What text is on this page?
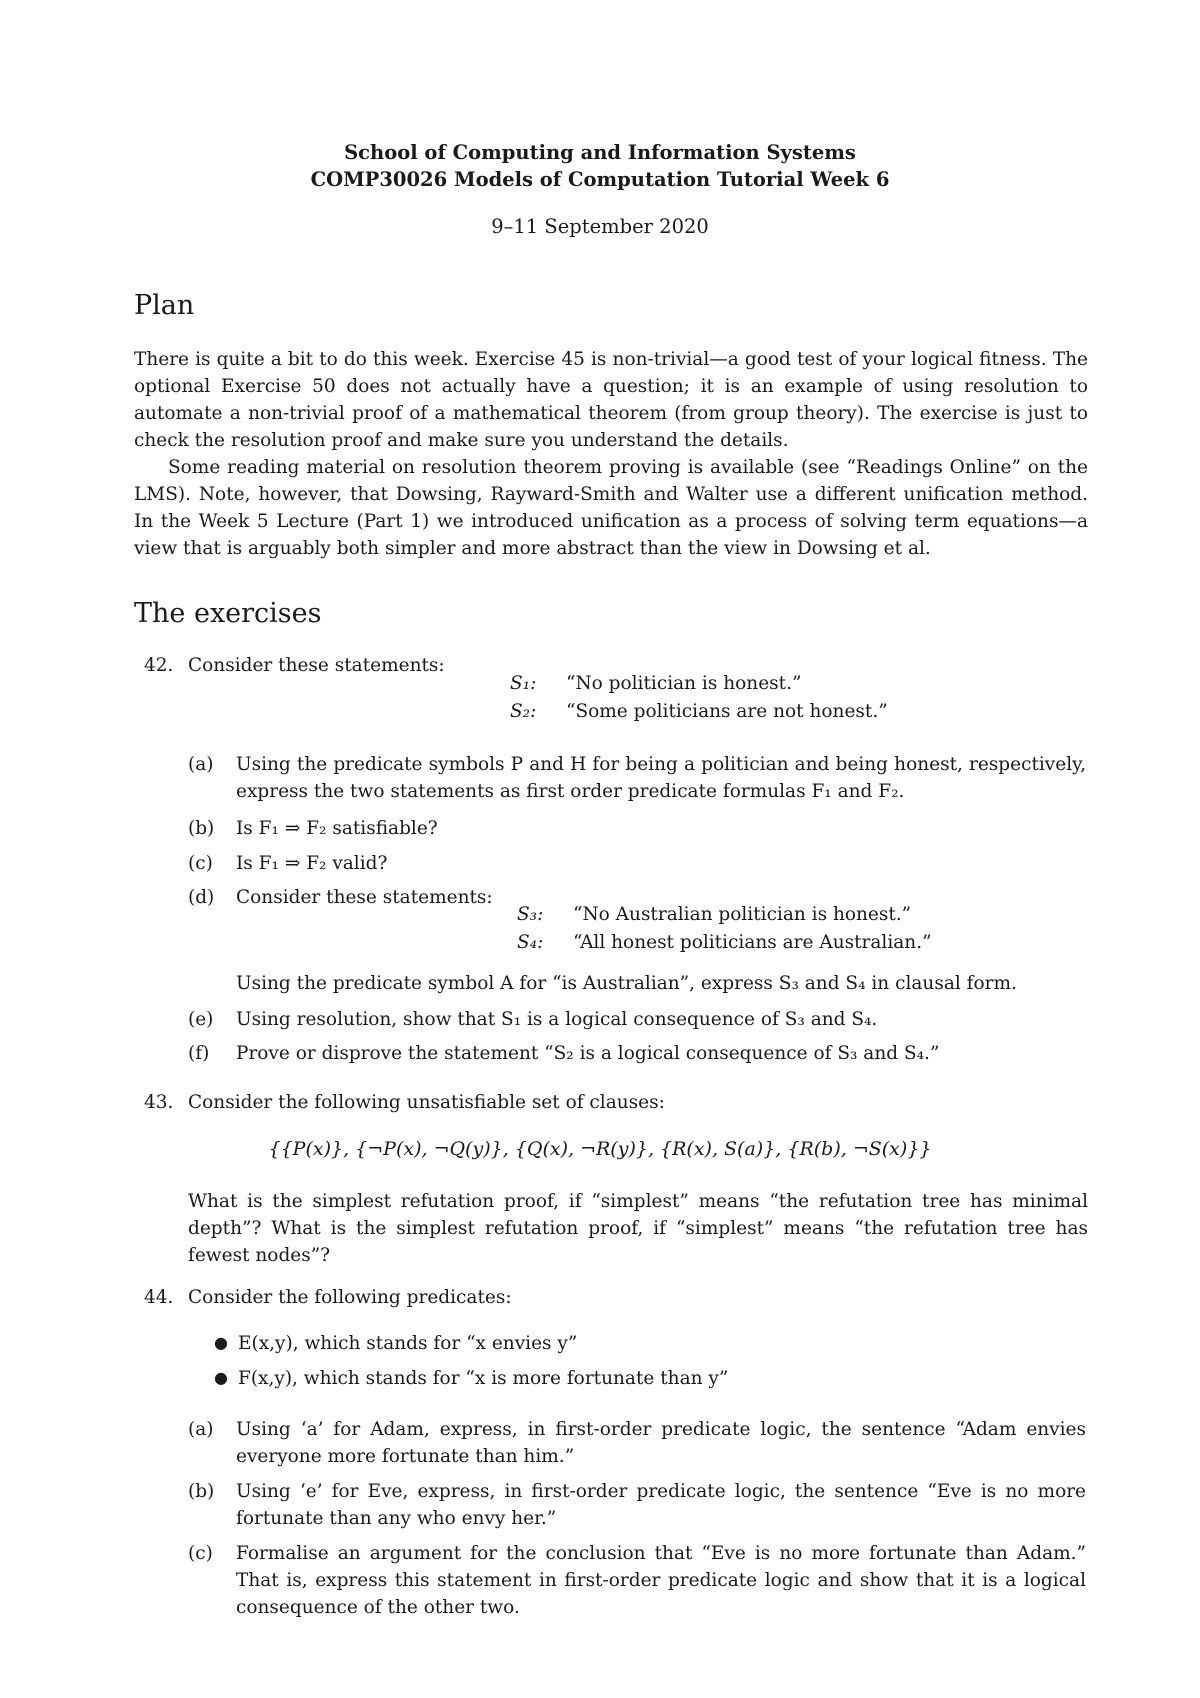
School of Computing and Information Systems
COMP30026 Models of Computation Tutorial Week 6
9–11 September 2020
Plan
There is quite a bit to do this week. Exercise 45 is non-trivial—a good test of your logical fitness. The optional Exercise 50 does not actually have a question; it is an example of using resolution to automate a non-trivial proof of a mathematical theorem (from group theory). The exercise is just to check the resolution proof and make sure you understand the details.
Some reading material on resolution theorem proving is available (see “Readings Online” on the LMS). Note, however, that Dowsing, Rayward-Smith and Walter use a different unification method. In the Week 5 Lecture (Part 1) we introduced unification as a process of solving term equations—a view that is arguably both simpler and more abstract than the view in Dowsing et al.
The exercises
42. Consider these statements:
S₁: “No politician is honest.”
S₂: “Some politicians are not honest.”
(a) Using the predicate symbols P and H for being a politician and being honest, respectively, express the two statements as first order predicate formulas F₁ and F₂.
(b) Is F₁ ⇒ F₂ satisfiable?
(c) Is F₁ ⇒ F₂ valid?
(d) Consider these statements:
S₃: “No Australian politician is honest.”
S₄: “All honest politicians are Australian.”
Using the predicate symbol A for “is Australian”, express S₃ and S₄ in clausal form.
(e) Using resolution, show that S₁ is a logical consequence of S₃ and S₄.
(f) Prove or disprove the statement “S₂ is a logical consequence of S₃ and S₄.”
43. Consider the following unsatisfiable set of clauses:
{{P(x)}, {¬P(x), ¬Q(y)}, {Q(x), ¬R(y)}, {R(x), S(a)}, {R(b), ¬S(x)}}
What is the simplest refutation proof, if “simplest” means “the refutation tree has minimal depth”? What is the simplest refutation proof, if “simplest” means “the refutation tree has fewest nodes”?
44. Consider the following predicates:
● E(x,y), which stands for “x envies y”
● F(x,y), which stands for “x is more fortunate than y”
(a) Using ‘a’ for Adam, express, in first-order predicate logic, the sentence “Adam envies everyone more fortunate than him.”
(b) Using ‘e’ for Eve, express, in first-order predicate logic, the sentence “Eve is no more fortunate than any who envy her.”
(c) Formalise an argument for the conclusion that “Eve is no more fortunate than Adam.” That is, express this statement in first-order predicate logic and show that it is a logical consequence of the other two.
